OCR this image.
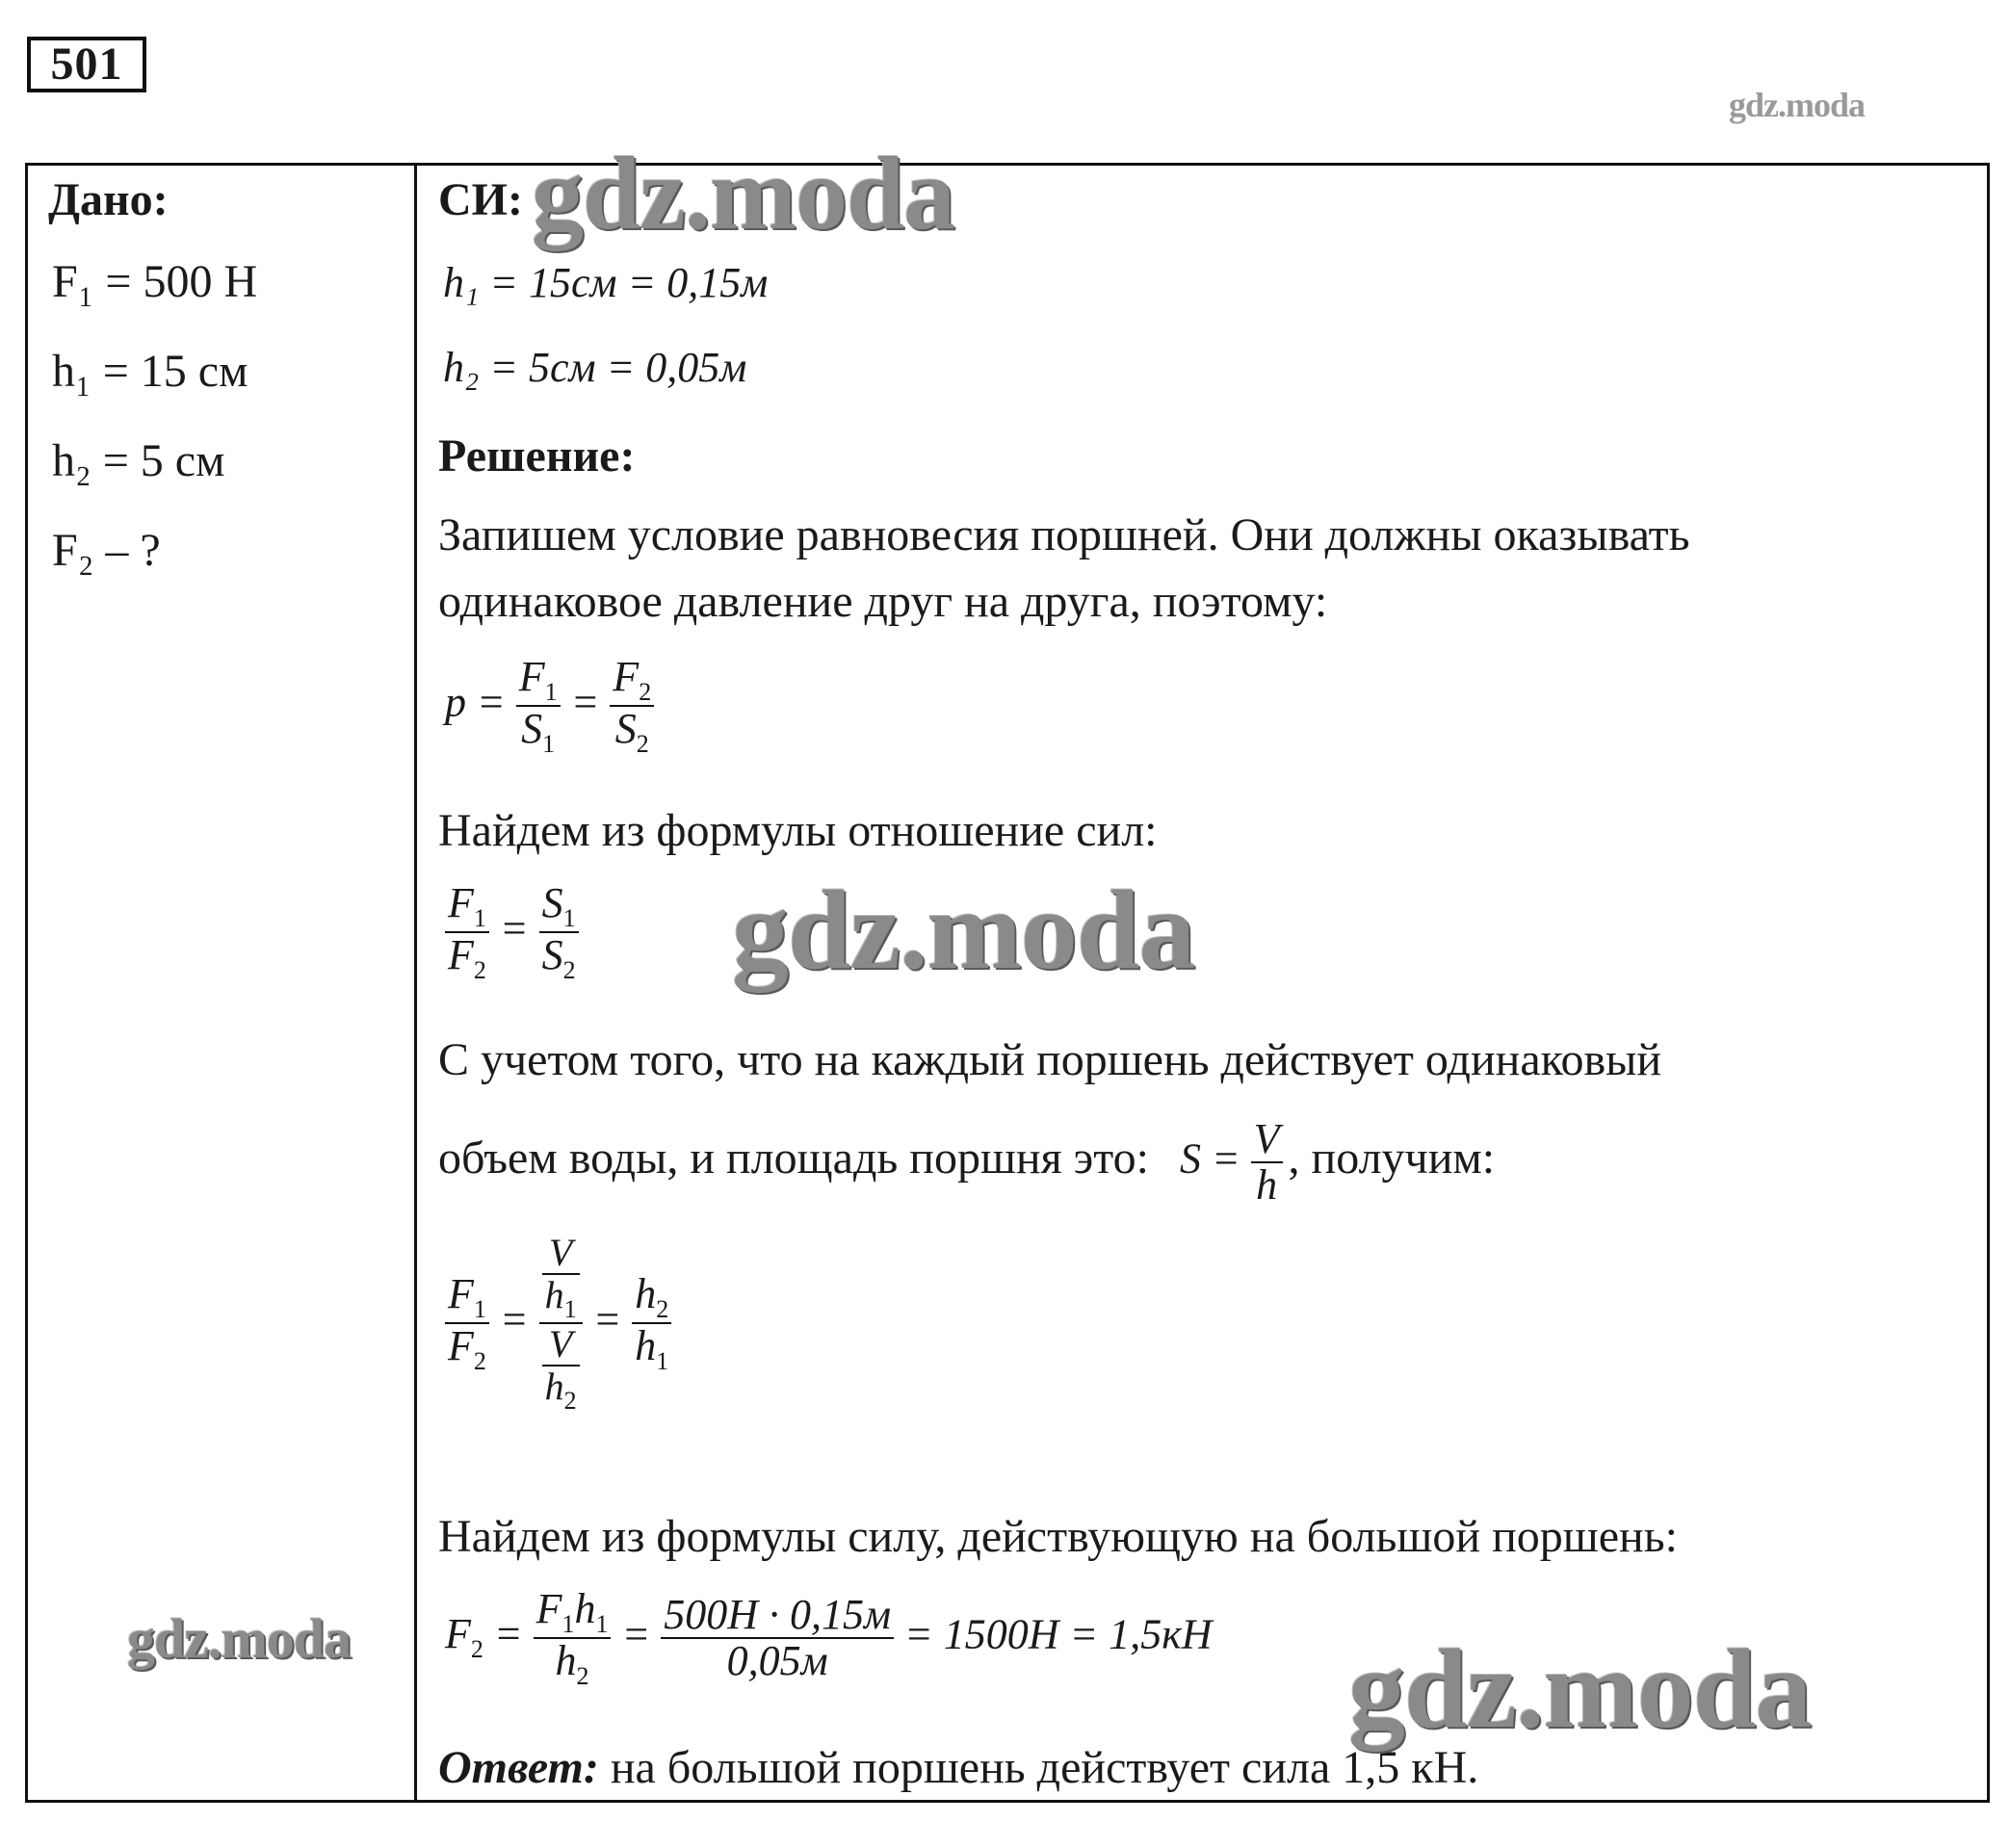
501
gdz.moda
Дано:
F₁ = 500 Н
h₁ = 15 см
h₂ = 5 см
F₂ – ?
СИ:
h₁ = 15см = 0,15м
h₂ = 5см = 0,05м
Решение:
Запишем условие равновесия поршней. Они должны оказывать
одинаковое давление друг на друга, поэтому:
$p = \frac{F_1}{S_1} = \frac{F_2}{S_2}$
Найдем из формулы отношение сил:
$\frac{F_1}{F_2} = \frac{S_1}{S_2}$
С учетом того, что на каждый поршень действует одинаковый
объем воды, и площадь поршня это: $S = \frac{V}{h}$ , получим:
$\frac{F_1}{F_2} = \frac{\frac{V}{h_1}}{\frac{V}{h_2}} = \frac{h_2}{h_1}$
Найдем из формулы силу, действующую на большой поршень:
$F_2 = \frac{F_1h_1}{h_2} = \frac{500Н \cdot 0,15м}{0,05м} = 1500Н = 1,5кН$
Ответ: на большой поршень действует сила 1,5 кН.
gdz.moda
gdz.moda
gdz.moda	gdz.moda
